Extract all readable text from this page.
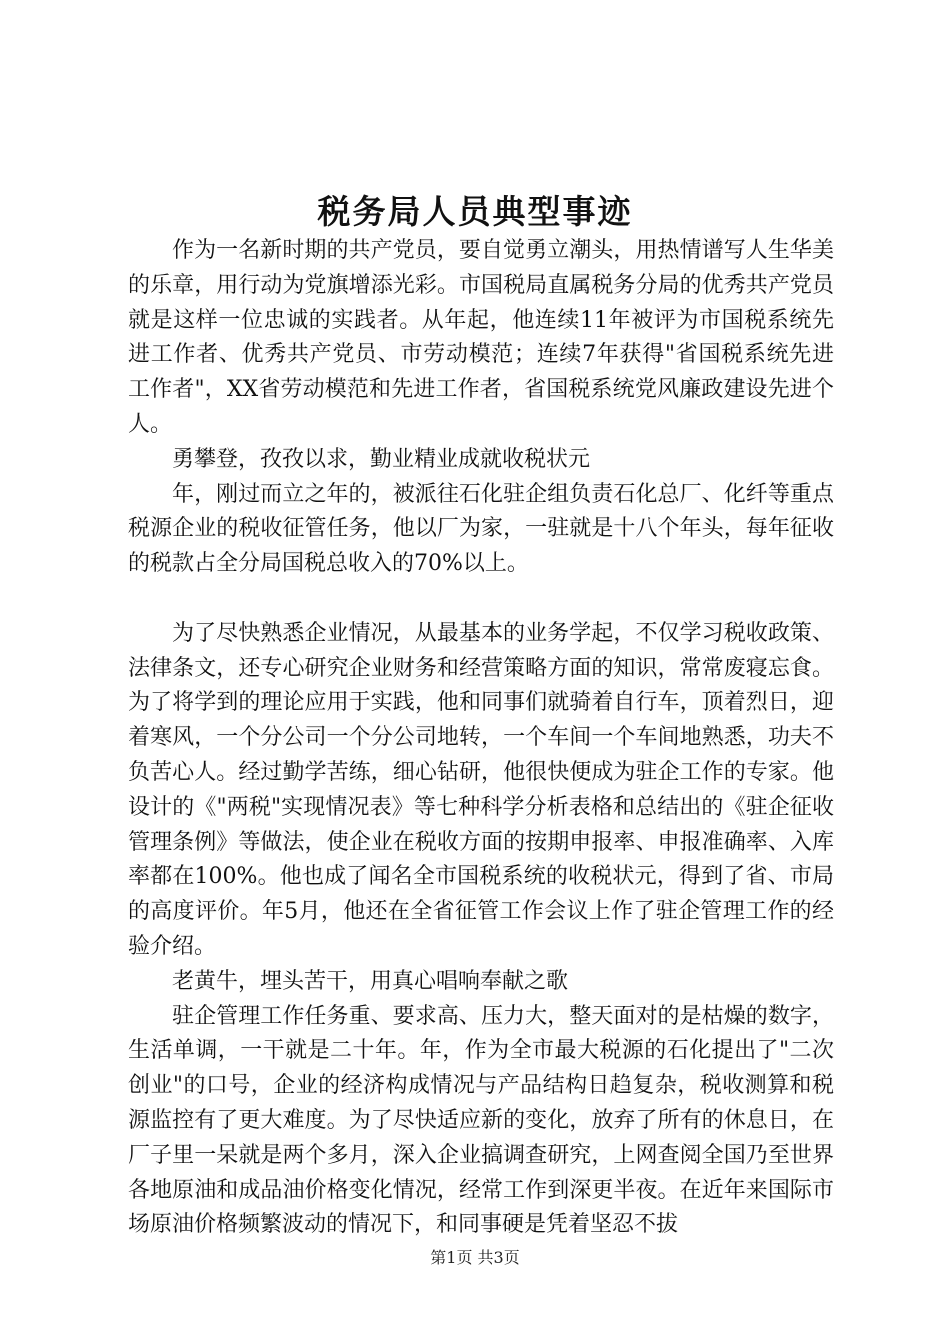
税务局人员典型事迹

作为一名新时期的共产党员，要自觉勇立潮头，用热情谱写人生华美的乐章，用行动为党旗增添光彩。市国税局直属税务分局的优秀共产党员就是这样一位忠诚的实践者。从年起，他连续11年被评为市国税系统先进工作者、优秀共产党员、市劳动模范；连续7年获得"省国税系统先进工作者"，XX省劳动模范和先进工作者，省国税系统党风廉政建设先进个人。

勇攀登，孜孜以求，勤业精业成就收税状元

年，刚过而立之年的，被派往石化驻企组负责石化总厂、化纤等重点税源企业的税收征管任务，他以厂为家，一驻就是十八个年头，每年征收的税款占全分局国税总收入的70%以上。

为了尽快熟悉企业情况，从最基本的业务学起，不仅学习税收政策、法律条文，还专心研究企业财务和经营策略方面的知识，常常废寝忘食。为了将学到的理论应用于实践，他和同事们就骑着自行车，顶着烈日，迎着寒风，一个分公司一个分公司地转，一个车间一个车间地熟悉，功夫不负苦心人。经过勤学苦练，细心钻研，他很快便成为驻企工作的专家。他设计的《"两税"实现情况表》等七种科学分析表格和总结出的《驻企征收管理条例》等做法，使企业在税收方面的按期申报率、申报准确率、入库率都在100%。他也成了闻名全市国税系统的收税状元，得到了省、市局的高度评价。年5月，他还在全省征管工作会议上作了驻企管理工作的经验介绍。

老黄牛，埋头苦干，用真心唱响奉献之歌

驻企管理工作任务重、要求高、压力大，整天面对的是枯燥的数字，生活单调，一干就是二十年。年，作为全市最大税源的石化提出了"二次创业"的口号，企业的经济构成情况与产品结构日趋复杂，税收测算和税源监控有了更大难度。为了尽快适应新的变化，放弃了所有的休息日，在厂子里一呆就是两个多月，深入企业搞调查研究，上网查阅全国乃至世界各地原油和成品油价格变化情况，经常工作到深更半夜。在近年来国际市场原油价格频繁波动的情况下，和同事硬是凭着坚忍不拔

第1页 共3页
